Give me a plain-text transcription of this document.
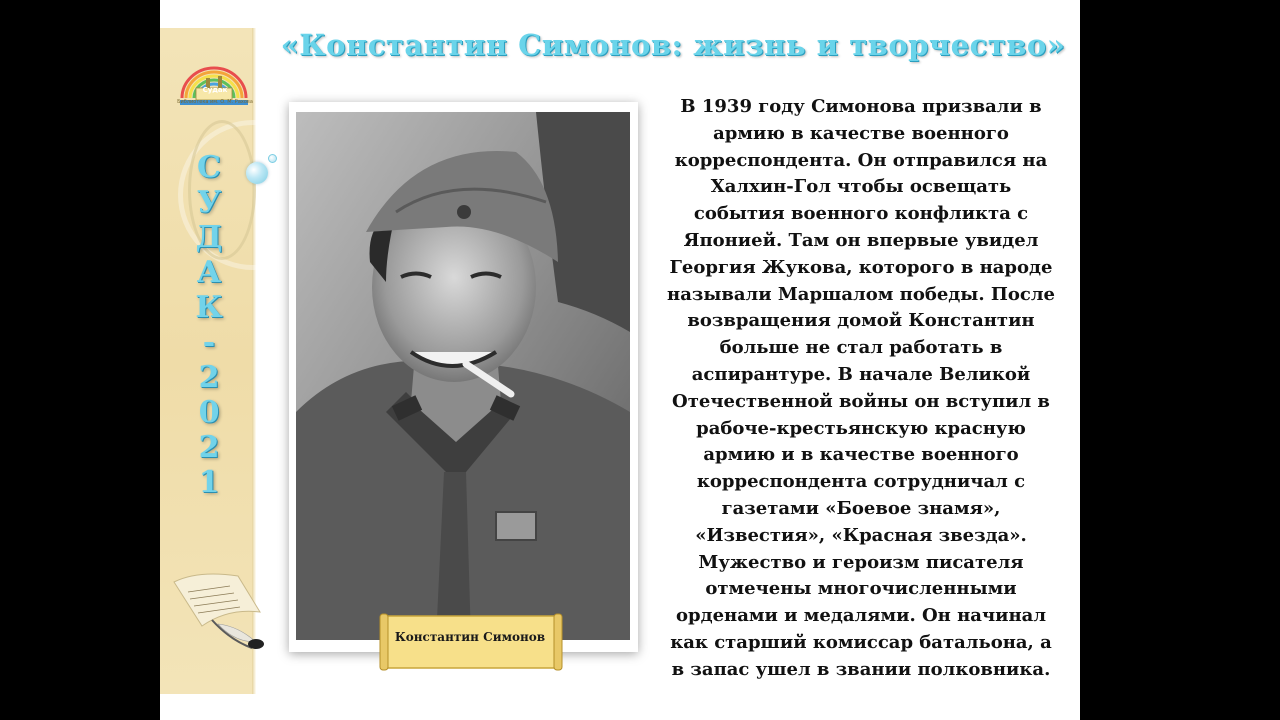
Судак
Библиотека им. О. М. Рахова
С
У
Д
А
К
-
2
0
2
1
«Константин Симонов: жизнь и творчество»
Константин Симонов
В 1939 году Симонова призвали в
армию в качестве военного
корреспондента. Он отправился на
Халхин-Гол чтобы освещать
события военного конфликта с
Японией. Там он впервые увидел
Георгия Жукова, которого в народе
называли Маршалом победы. После
возвращения домой Константин
больше не стал работать в
аспирантуре. В начале Великой
Отечественной войны он вступил в
рабоче-крестьянскую красную
армию и в качестве военного
корреспондента сотрудничал с
газетами «Боевое знамя»,
«Известия», «Красная звезда».
Мужество и героизм писателя
отмечены многочисленными
орденами и медалями. Он начинал
как старший комиссар батальона, а
в запас ушел в звании полковника.
